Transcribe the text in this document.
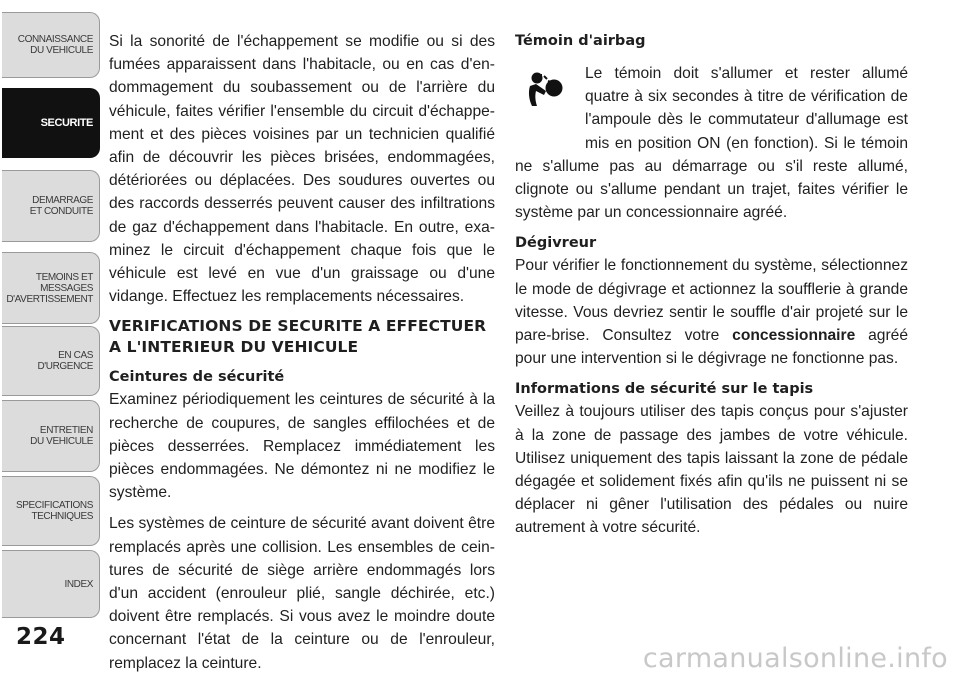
CONNAISSANCE
DU VEHICULE
SECURITE
DEMARRAGE
ET CONDUITE
TEMOINS ET
MESSAGES
D'AVERTISSEMENT
EN CAS
D'URGENCE
ENTRETIEN
DU VEHICULE
SPECIFICATIONS
TECHNIQUES
INDEX
224

Si la sonorité de l'échappement se modifie ou si des fumées apparaissent dans l'habitacle, ou en cas d'endommagement du soubassement ou de l'arrière du véhicule, faites vérifier l'ensemble du circuit d'échappement et des pièces voisines par un technicien qualifié afin de découvrir les pièces brisées, endommagées, détériorées ou déplacées. Des soudures ouvertes ou des raccords desserrés peuvent causer des infiltrations de gaz d'échappement dans l'habitacle. En outre, examinez le circuit d'échappement chaque fois que le véhicule est levé en vue d'un graissage ou d'une vidange. Effectuez les remplacements nécessaires.

VERIFICATIONS DE SECURITE A EFFECTUER A L'INTERIEUR DU VEHICULE
Ceintures de sécurité

Examinez périodiquement les ceintures de sécurité à la recherche de coupures, de sangles effilochées et de pièces desserrées. Remplacez immédiatement les pièces endommagées. Ne démontez ni ne modifiez le système.

Les systèmes de ceinture de sécurité avant doivent être remplacés après une collision. Les ensembles de ceintures de sécurité de siège arrière endommagés lors d'un accident (enrouleur plié, sangle déchirée, etc.) doivent être remplacés. Si vous avez le moindre doute concernant l'état de la ceinture ou de l'enrouleur, remplacez la ceinture.

Témoin d'airbag

Le témoin doit s'allumer et rester allumé quatre à six secondes à titre de vérification de l'ampoule dès le commutateur d'allumage est mis en position ON (en fonction). Si le témoin ne s'allume pas au démarrage ou s'il reste allumé, clignote ou s'allume pendant un trajet, faites vérifier le système par un concessionnaire agréé.

Dégivreur

Pour vérifier le fonctionnement du système, sélectionnez le mode de dégivrage et actionnez la soufflerie à grande vitesse. Vous devriez sentir le souffle d'air projeté sur le pare-brise. Consultez votre concessionnaire agréé pour une intervention si le dégivrage ne fonctionne pas.

Informations de sécurité sur le tapis

Veillez à toujours utiliser des tapis conçus pour s'ajuster à la zone de passage des jambes de votre véhicule. Utilisez uniquement des tapis laissant la zone de pédale dégagée et solidement fixés afin qu'ils ne puissent ni se déplacer ni gêner l'utilisation des pédales ou nuire autrement à votre sécurité.

carmanualsonline.info
